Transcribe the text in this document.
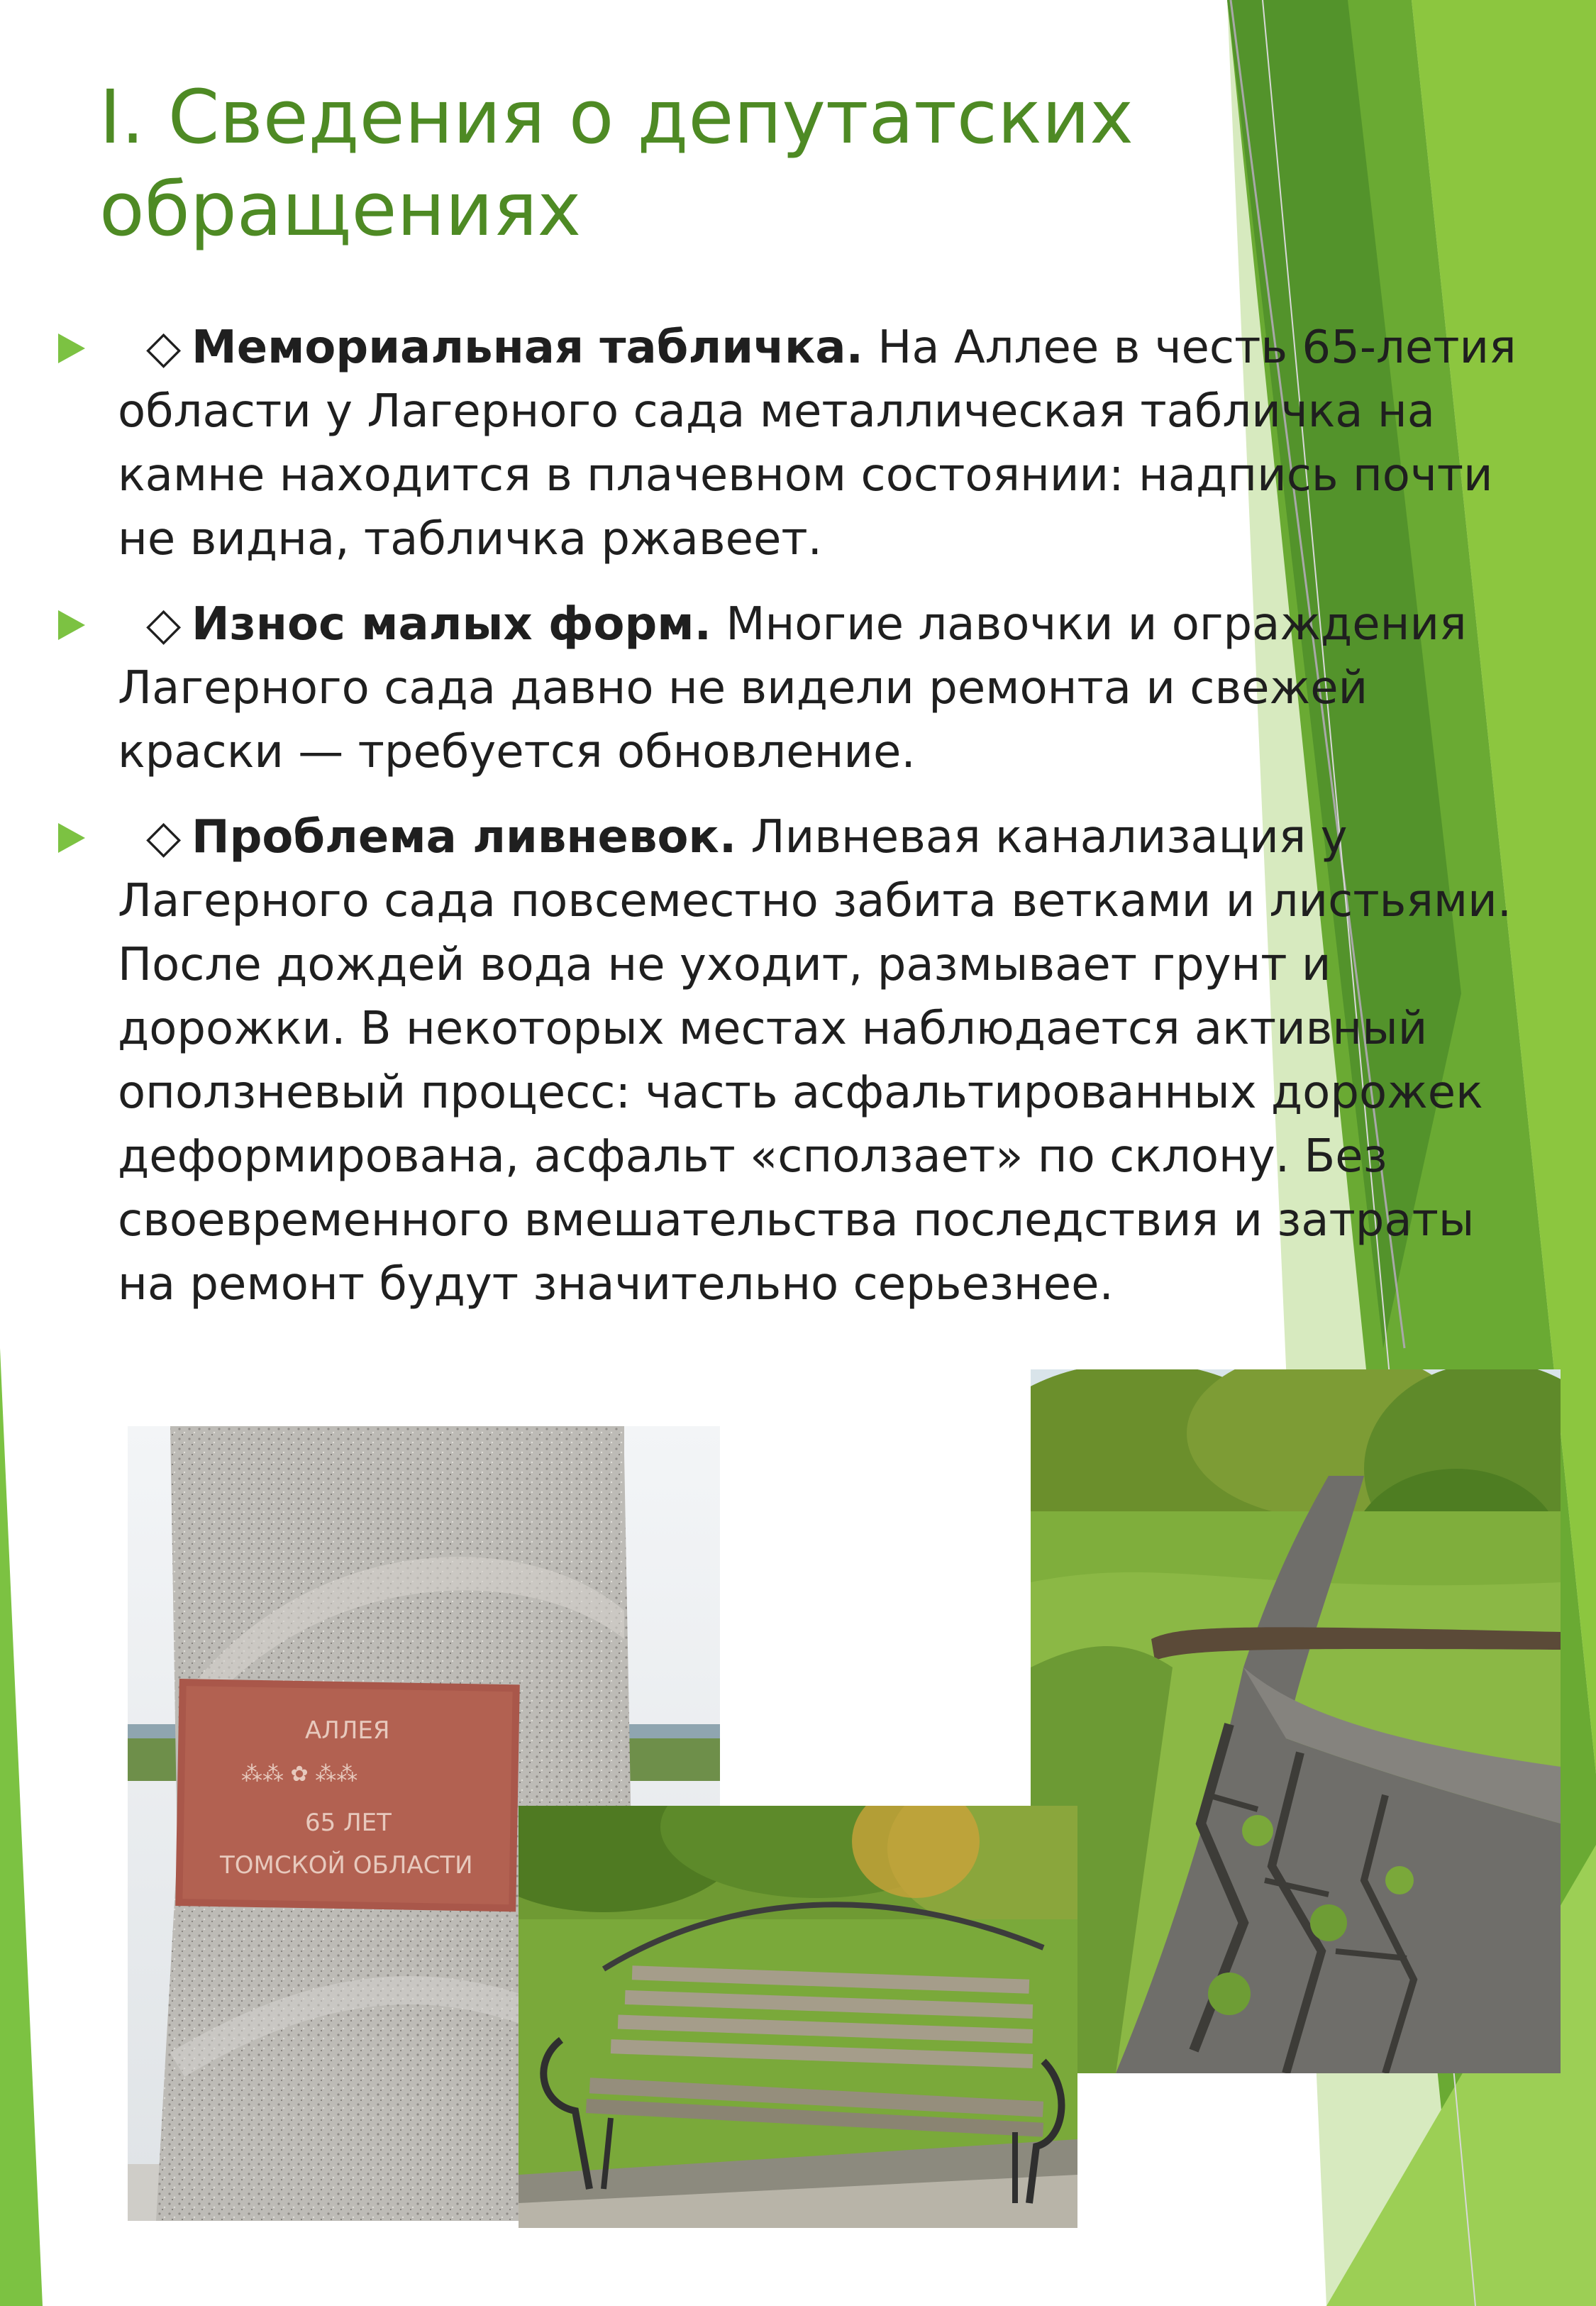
I. Сведения о депутатских обращениях
◇ Мемориальная табличка. На Аллее в честь 65-летия области у Лагерного сада металлическая табличка на камне находится в плачевном состоянии: надпись почти не видна, табличка ржавеет.
◇ Износ малых форм. Многие лавочки и ограждения Лагерного сада давно не видели ремонта и свежей краски — требуется обновление.
◇ Проблема ливневок. Ливневая канализация у Лагерного сада повсеместно забита ветками и листьями. После дождей вода не уходит, размывает грунт и дорожки. В некоторых местах наблюдается активный оползневый процесс: часть асфальтированных дорожек деформирована, асфальт «сползает» по склону. Без своевременного вмешательства последствия и затраты на ремонт будут значительно серьезнее.
АЛЛЕЯ
⁂⁂ ✿ ⁂⁂
65 ЛЕТ
ТОМСКОЙ ОБЛАСТИ
